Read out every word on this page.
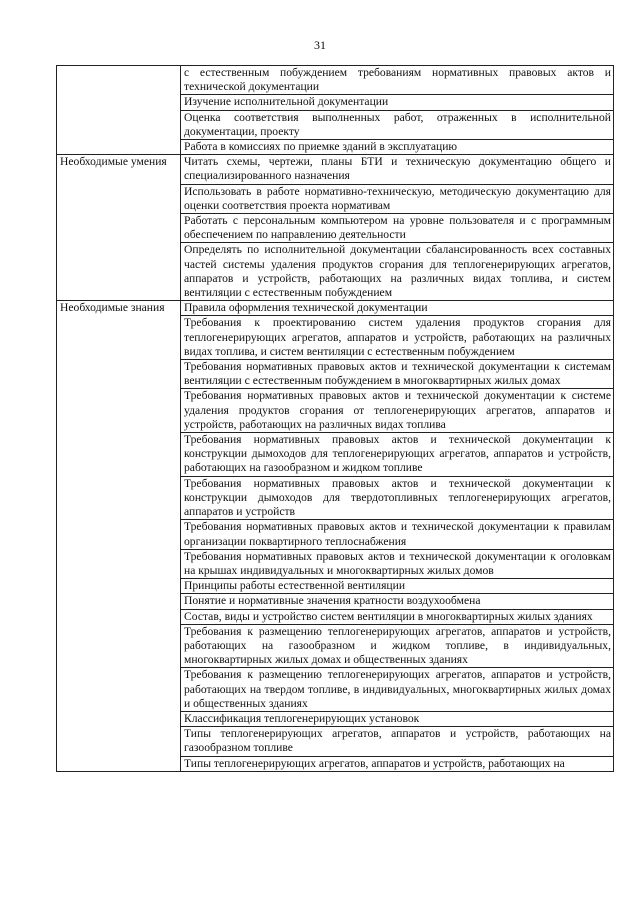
31
	с естественным побуждением требованиям нормативных правовых актов и технической документации
	Изучение исполнительной документации
	Оценка соответствия выполненных работ, отраженных в исполнительной документации, проекту
	Работа в комиссиях по приемке зданий в эксплуатацию
Необходимые умения	Читать схемы, чертежи, планы БТИ и техническую документацию общего и специализированного назначения
	Использовать в работе нормативно-техническую, методическую документацию для оценки соответствия проекта нормативам
	Работать с персональным компьютером на уровне пользователя и с программным обеспечением по направлению деятельности
	Определять по исполнительной документации сбалансированность всех составных частей системы удаления продуктов сгорания для теплогенерирующих агрегатов, аппаратов и устройств, работающих на различных видах топлива, и систем вентиляции с естественным побуждением
Необходимые знания	Правила оформления технической документации
	Требования к проектированию систем удаления продуктов сгорания для теплогенерирующих агрегатов, аппаратов и устройств, работающих на различных видах топлива, и систем вентиляции с естественным побуждением
	Требования нормативных правовых актов и технической документации к системам вентиляции с естественным побуждением в многоквартирных жилых домах
	Требования нормативных правовых актов и технической документации к системе удаления продуктов сгорания от теплогенерирующих агрегатов, аппаратов и устройств, работающих на различных видах топлива
	Требования нормативных правовых актов и технической документации к конструкции дымоходов для теплогенерирующих агрегатов, аппаратов и устройств, работающих на газообразном и жидком топливе
	Требования нормативных правовых актов и технической документации к конструкции дымоходов для твердотопливных теплогенерирующих агрегатов, аппаратов и устройств
	Требования нормативных правовых актов и технической документации к правилам организации поквартирного теплоснабжения
	Требования нормативных правовых актов и технической документации к оголовкам на крышах индивидуальных и многоквартирных жилых домов
	Принципы работы естественной вентиляции
	Понятие и нормативные значения кратности воздухообмена
	Состав, виды и устройство систем вентиляции в многоквартирных жилых зданиях
	Требования к размещению теплогенерирующих агрегатов, аппаратов и устройств, работающих на газообразном и жидком топливе, в индивидуальных, многоквартирных жилых домах и общественных зданиях
	Требования к размещению теплогенерирующих агрегатов, аппаратов и устройств, работающих на твердом топливе, в индивидуальных, многоквартирных жилых домах и общественных зданиях
	Классификация теплогенерирующих установок
	Типы теплогенерирующих агрегатов, аппаратов и устройств, работающих на газообразном топливе
	Типы теплогенерирующих агрегатов, аппаратов и устройств, работающих на
